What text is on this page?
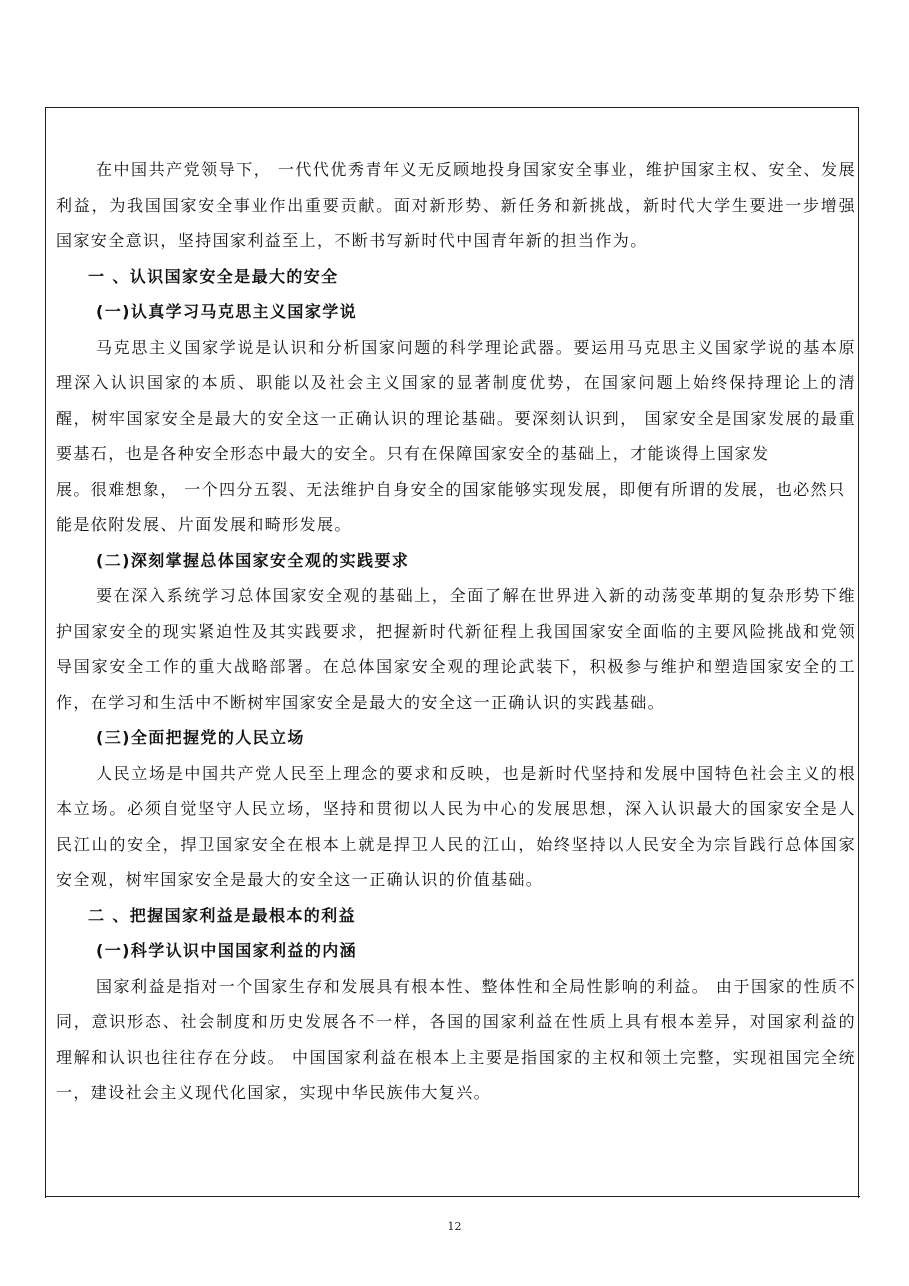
在中国共产党领导下， 一代代优秀青年义无反顾地投身国家安全事业，维护国家主权、安全、发展利益，为我国国家安全事业作出重要贡献。面对新形势、新任务和新挑战，新时代大学生要进一步增强国家安全意识，坚持国家利益至上，不断书写新时代中国青年新的担当作为。

一 、认识国家安全是最大的安全

(一)认真学习马克思主义国家学说

马克思主义国家学说是认识和分析国家问题的科学理论武器。要运用马克思主义国家学说的基本原理深入认识国家的本质、职能以及社会主义国家的显著制度优势，在国家问题上始终保持理论上的清醒，树牢国家安全是最大的安全这一正确认识的理论基础。要深刻认识到， 国家安全是国家发展的最重要基石，也是各种安全形态中最大的安全。只有在保障国家安全的基础上，才能谈得上国家发

展。很难想象， 一个四分五裂、无法维护自身安全的国家能够实现发展，即便有所谓的发展，也必然只能是依附发展、片面发展和畸形发展。

(二)深刻掌握总体国家安全观的实践要求

要在深入系统学习总体国家安全观的基础上，全面了解在世界进入新的动荡变革期的复杂形势下维护国家安全的现实紧迫性及其实践要求，把握新时代新征程上我国国家安全面临的主要风险挑战和党领导国家安全工作的重大战略部署。在总体国家安全观的理论武装下，积极参与维护和塑造国家安全的工作，在学习和生活中不断树牢国家安全是最大的安全这一正确认识的实践基础。

(三)全面把握党的人民立场

人民立场是中国共产党人民至上理念的要求和反映，也是新时代坚持和发展中国特色社会主义的根本立场。必须自觉坚守人民立场，坚持和贯彻以人民为中心的发展思想，深入认识最大的国家安全是人民江山的安全，捍卫国家安全在根本上就是捍卫人民的江山，始终坚持以人民安全为宗旨践行总体国家安全观，树牢国家安全是最大的安全这一正确认识的价值基础。

二 、把握国家利益是最根本的利益

(一)科学认识中国国家利益的内涵

国家利益是指对一个国家生存和发展具有根本性、整体性和全局性影响的利益。 由于国家的性质不同，意识形态、社会制度和历史发展各不一样，各国的国家利益在性质上具有根本差异，对国家利益的理解和认识也往往存在分歧。 中国国家利益在根本上主要是指国家的主权和领土完整，实现祖国完全统一，建设社会主义现代化国家，实现中华民族伟大复兴。

12
